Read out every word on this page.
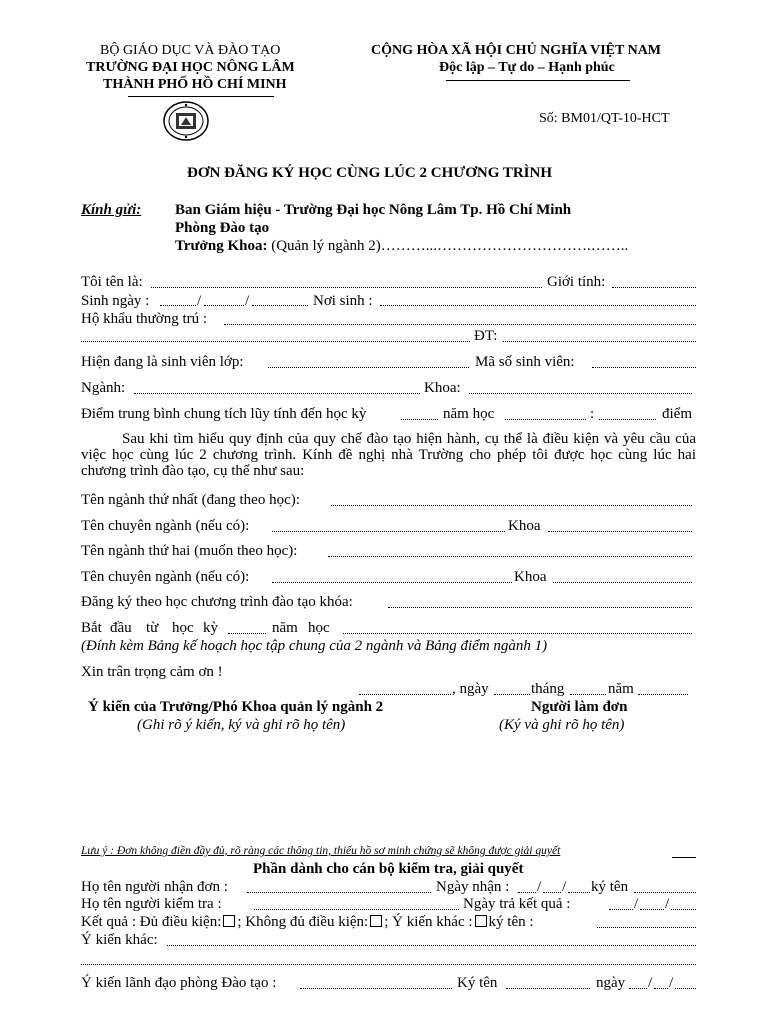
BỘ GIÁO DỤC VÀ ĐÀO TẠO
TRƯỜNG ĐẠI HỌC NÔNG LÂM
THÀNH PHỐ HỒ CHÍ MINH
CỘNG HÒA XÃ HỘI CHỦ NGHĨA VIỆT NAM
Độc lập – Tự do – Hạnh phúc
Số: BM01/QT-10-HCT
ĐƠN ĐĂNG KÝ HỌC CÙNG LÚC 2 CHƯƠNG TRÌNH
Kính gửi: Ban Giám hiệu - Trường Đại học Nông Lâm Tp. Hồ Chí Minh
Phòng Đào tạo
Trưởng Khoa: (Quản lý ngành 2)………...………………………….……..
Tôi tên là:	Giới tính:
Sinh ngày :	/	/	Nơi sinh :
Hộ khẩu thường trú :
ĐT:
Hiện đang là sinh viên lớp:	Mã số sinh viên:
Ngành:	Khoa:
Điểm trung bình chung tích lũy tính đến học kỳ	năm học	:	điểm
Sau khi tìm hiểu quy định của quy chế đào tạo hiện hành, cụ thể là điều kiện và yêu cầu của việc học cùng lúc 2 chương trình. Kính đề nghị nhà Trường cho phép tôi được học cùng lúc hai chương trình đào tạo, cụ thể như sau:
Tên ngành thứ nhất (đang theo học):
Tên chuyên ngành (nếu có):	Khoa
Tên ngành thứ hai (muốn theo học):
Tên chuyên ngành (nếu có):	Khoa
Đăng ký theo học chương trình đào tạo khóa:
Bắt đầu từ học kỳ	năm học
(Đính kèm Bảng kế hoạch học tập chung của 2 ngành và Bảng điểm ngành 1)
Xin trân trọng cảm ơn !
, ngày	tháng	năm
Ý kiến của Trưởng/Phó Khoa quản lý ngành 2
(Ghi rõ ý kiến, ký và ghi rõ họ tên)
Người làm đơn
(Ký và ghi rõ họ tên)
Lưu ý : Đơn không điền đầy đủ, rõ ràng các thông tin, thiếu hồ sơ minh chứng sẽ không được giải quyết
Phần dành cho cán bộ kiểm tra, giải quyết
Họ tên người nhận đơn :	Ngày nhận : / / ký tên
Họ tên người kiểm tra :	Ngày trả kết quả :	/ /
Kết quả : Đủ điều kiện: ; Không đủ điều kiện: ; Ý kiến khác : ký tên :
Ý kiến khác:
Ý kiến lãnh đạo phòng Đào tạo :	Ký tên	ngày / /
